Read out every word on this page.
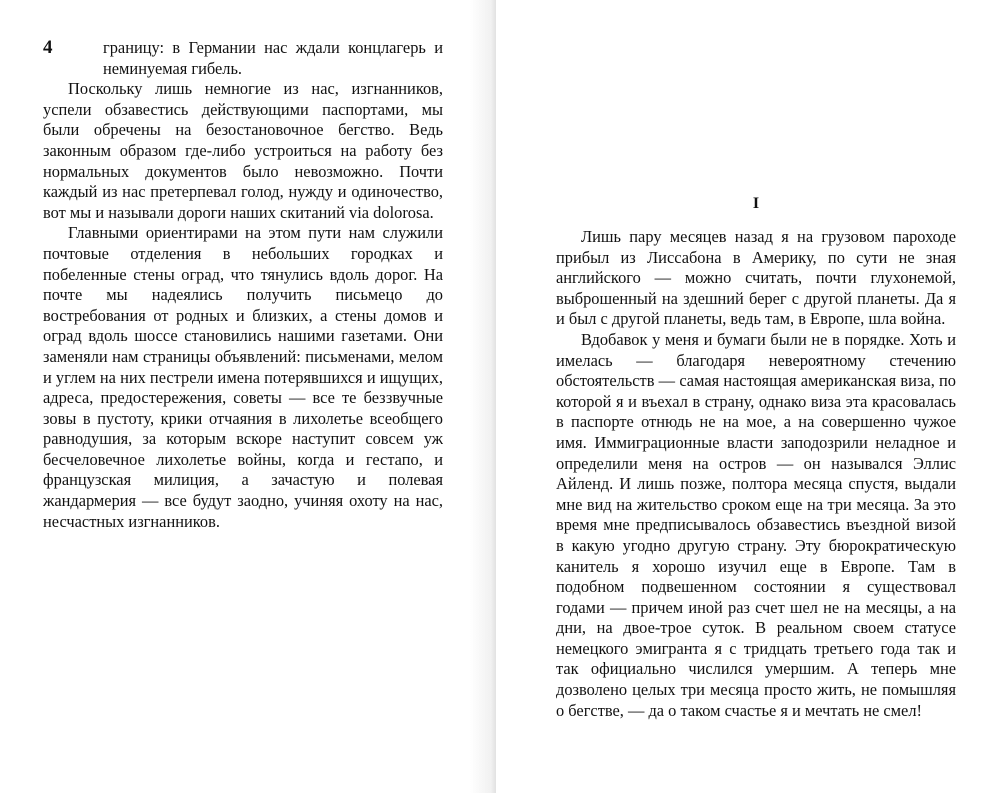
4	границу: в Германии нас ждали концлагерь и неминуемая гибель.

Поскольку лишь немногие из нас, изгнанников, успели обзавестись действующими паспортами, мы были обречены на безостановочное бегство. Ведь законным образом где-либо устроиться на работу без нормальных документов было невозможно. Почти каждый из нас претерпевал голод, нужду и одиночество, вот мы и называли дороги наших скитаний via dolorosa.

Главными ориентирами на этом пути нам служили почтовые отделения в небольших городках и побеленные стены оград, что тянулись вдоль дорог. На почте мы надеялись получить письмецо до востребования от родных и близких, а стены домов и оград вдоль шоссе становились нашими газетами. Они заменяли нам страницы объявлений: письменами, мелом и углем на них пестрели имена потерявшихся и ищущих, адреса, предостережения, советы — все те беззвучные зовы в пустоту, крики отчаяния в лихолетье всеобщего равнодушия, за которым вскоре наступит совсем уж бесчеловечное лихолетье войны, когда и гестапо, и французская милиция, а зачастую и полевая жандармерия — все будут заодно, учиняя охоту на нас, несчастных изгнанников.

I

Лишь пару месяцев назад я на грузовом пароходе прибыл из Лиссабона в Америку, по сути не зная английского — можно считать, почти глухонемой, выброшенный на здешний берег с другой планеты. Да я и был с другой планеты, ведь там, в Европе, шла война.

Вдобавок у меня и бумаги были не в порядке. Хоть и имелась — благодаря невероятному стечению обстоятельств — самая настоящая американская виза, по которой я и въехал в страну, однако виза эта красовалась в паспорте отнюдь не на мое, а на совершенно чужое имя. Иммиграционные власти заподозрили неладное и определили меня на остров — он назывался Эллис Айленд. И лишь позже, полтора месяца спустя, выдали мне вид на жительство сроком еще на три месяца. За это время мне предписывалось обзавестись въездной визой в какую угодно другую страну. Эту бюрократическую канитель я хорошо изучил еще в Европе. Там в подобном подвешенном состоянии я существовал годами — причем иной раз счет шел не на месяцы, а на дни, на двое-трое суток. В реальном своем статусе немецкого эмигранта я с тридцать третьего года так и так официально числился умершим. А теперь мне дозволено целых три месяца просто жить, не помышляя о бегстве, — да о таком счастье я и мечтать не смел!
